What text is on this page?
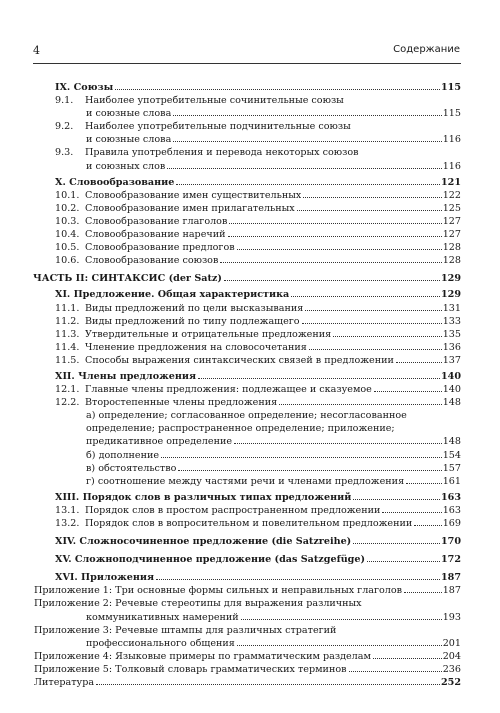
4	Содержание
IX. Союзы	115
9.1.	Наиболее употребительные сочинительные союзы
и союзные слова	115
9.2.	Наиболее употребительные подчинительные союзы
и союзные слова	116
9.3.	Правила употребления и перевода некоторых союзов
и союзных слов	116
X. Словообразование	121
10.1. Словообразование имен существительных	122
10.2. Словообразование имен прилагательных	125
10.3. Словообразование глаголов	127
10.4. Словообразование наречий	127
10.5. Словообразование предлогов	128
10.6. Словообразование союзов	128
ЧАСТЬ II: СИНТАКСИС (der Satz)	129
XI. Предложение. Общая характеристика	129
11.1. Виды предложений по цели высказывания	131
11.2. Виды предложений по типу подлежащего	133
11.3. Утвердительные и отрицательные предложения	135
11.4. Членение предложения на словосочетания	136
11.5. Способы выражения синтаксических связей в предложении	137
XII. Члены предложения	140
12.1. Главные члены предложения: подлежащее и сказуемое	140
12.2. Второстепенные члены предложения	148
а) определение; согласованное определение; несогласованное
определение; распространенное определение; приложение;
предикативное определение	148
б) дополнение	154
в) обстоятельство	157
г) соотношение между частями речи и членами предложения	161
XIII. Порядок слов в различных типах предложений	163
13.1. Порядок слов в простом распространенном предложении	163
13.2. Порядок слов в вопросительном и повелительном предложении	169
XIV. Сложносочиненное предложение (die Satzreihe)	170
XV. Сложноподчиненное предложение (das Satzgefüge)	172
XVI. Приложения	187
Приложение 1: Три основные формы сильных и неправильных глаголов	187
Приложение 2: Речевые стереотипы для выражения различных
коммуникативных намерений	193
Приложение 3: Речевые штампы для различных стратегий
профессионального общения	201
Приложение 4: Языковые примеры по грамматическим разделам	204
Приложение 5: Толковый словарь грамматических терминов	236
Литература	252
